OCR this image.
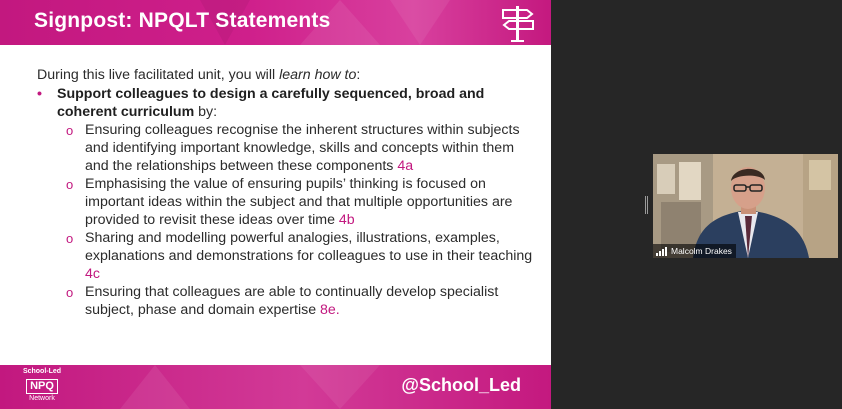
Signpost: NPQLT Statements

During this live facilitated unit, you will learn how to:

• Support colleagues to design a carefully sequenced, broad and coherent curriculum by:
o Ensuring colleagues recognise the inherent structures within subjects and identifying important knowledge, skills and concepts within them and the relationships between these components 4a
o Emphasising the value of ensuring pupils’ thinking is focused on important ideas within the subject and that multiple opportunities are provided to revisit these ideas over time 4b
o Sharing and modelling powerful analogies, illustrations, examples, explanations and demonstrations for colleagues to use in their teaching 4c
o Ensuring that colleagues are able to continually develop specialist subject, phase and domain expertise 8e.
School-Led
NPQ
Network
@School_Led
Malcolm Drakes
